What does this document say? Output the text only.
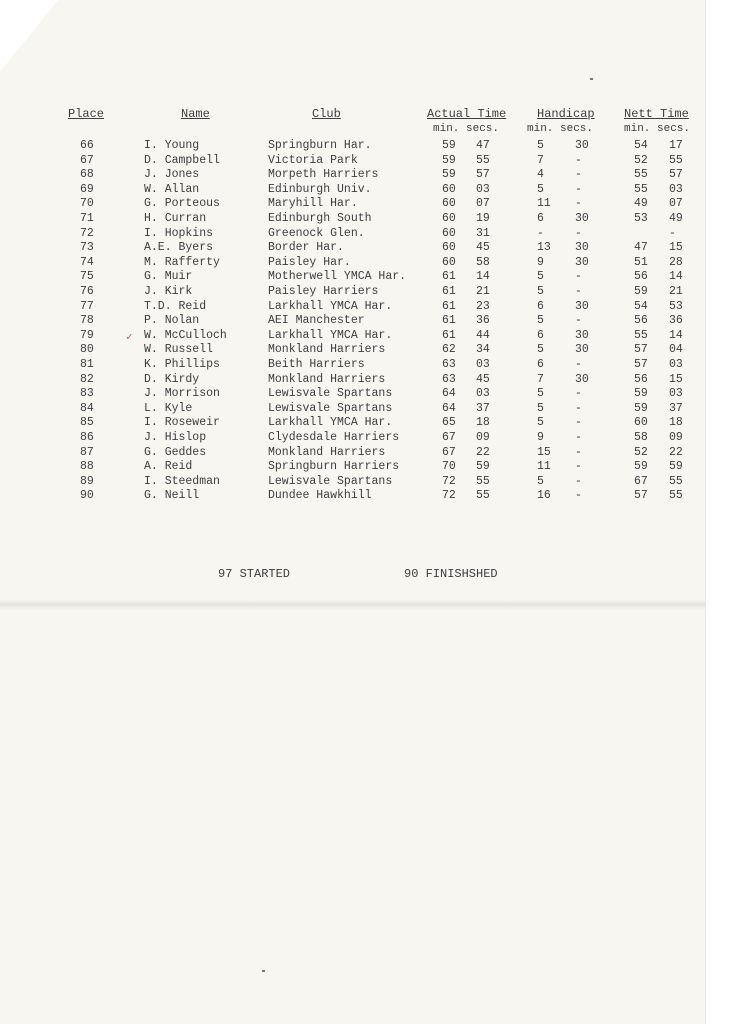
Place	Name	Club	Actual Time	Handicap Nett Time
min. secs.	min. secs.	min. secs.
66	I. Young	Springburn Har.	59 47	5	30	54 17
67	D. Campbell	Victoria Park	59 55	7	-	52 55
68	J. Jones	Morpeth Harriers	59 57	4	-	55 57
69	W. Allan	Edinburgh Univ.	60 03	5	-	55 03
70	G. Porteous	Maryhill Har.	60 07	11 -	49 07
71	H. Curran	Edinburgh South	60 19	6	30	53 49
72	I. Hopkins	Greenock Glen.	60 31	-	-	-
73	A.E. Byers	Border Har.	60 45	13 30	47 15
74	M. Rafferty	Paisley Har.	60 58	9	30	51 28
75	G. Muir	Motherwell YMCA Har.	61 14	5	-	56 14
76	J. Kirk	Paisley Harriers	61 21	5	-	59 21
77	T.D. Reid	Larkhall YMCA Har.	61 23	6	30	54 53
78	P. Nolan	AEI Manchester	61 36	5	-	56 36
79	W. McCulloch	Larkhall YMCA Har.	61 44	6	30	55 14
80	W. Russell	Monkland Harriers	62 34	5	30	57 04
81	K. Phillips	Beith Harriers	63 03	6	-	57 03
82	D. Kirdy	Monkland Harriers	63 45	7	30	56 15
83	J. Morrison	Lewisvale Spartans	64 03	5	-	59 03
84	L. Kyle	Lewisvale Spartans	64 37	5	-	59 37
85	I. Roseweir	Larkhall YMCA Har.	65 18	5	-	60 18
86	J. Hislop	Clydesdale Harriers	67 09	9	-	58 09
87	G. Geddes	Monkland Harriers	67 22	15 -	52 22
88	A. Reid	Springburn Harriers	70 59	11 -	59 59
89	I. Steedman	Lewisvale Spartans	72 55	5	-	67 55
90	G. Neill	Dundee Hawkhill	72 55	16 -	57 55
✓
97 STARTED	90 FINISHSHED
